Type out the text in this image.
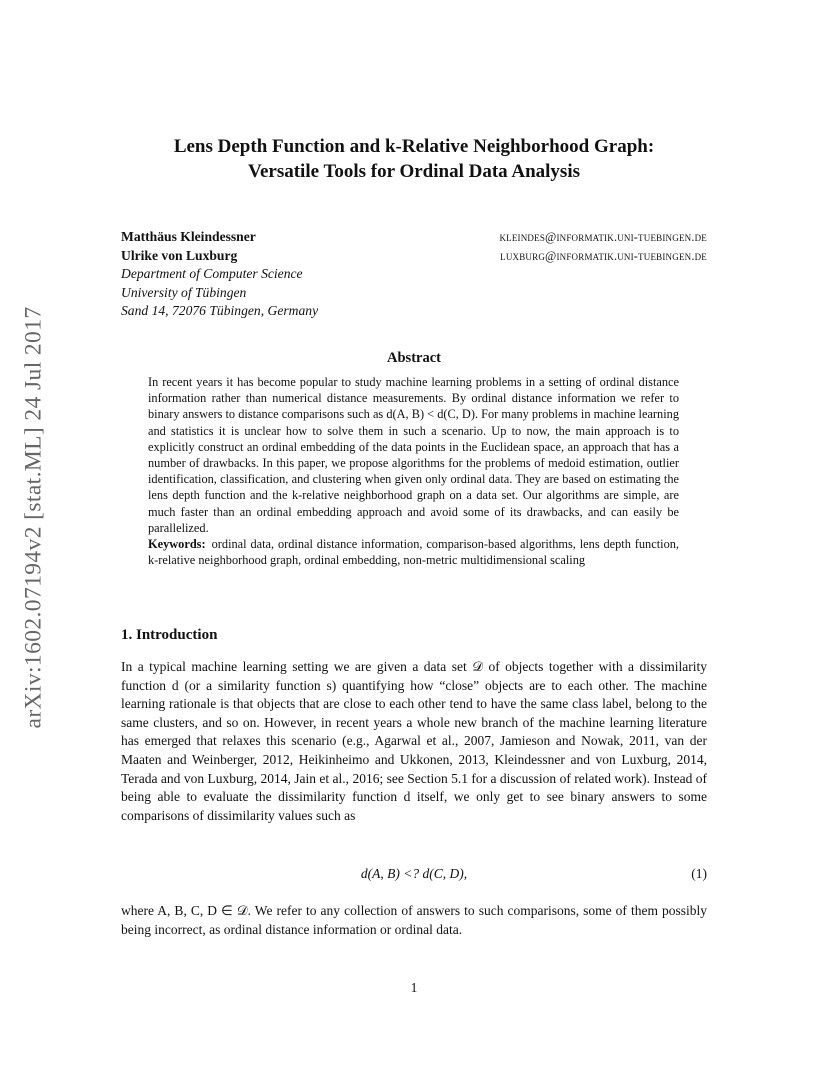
arXiv:1602.07194v2 [stat.ML] 24 Jul 2017
Lens Depth Function and k-Relative Neighborhood Graph:
Versatile Tools for Ordinal Data Analysis
Matthäus Kleindessner	kleindes@informatik.uni-tuebingen.de
Ulrike von Luxburg	luxburg@informatik.uni-tuebingen.de
Department of Computer Science
University of Tübingen
Sand 14, 72076 Tübingen, Germany
Abstract

In recent years it has become popular to study machine learning problems in a setting of ordinal distance information rather than numerical distance measurements. By ordinal distance information we refer to binary answers to distance comparisons such as d(A, B) < d(C, D). For many problems in machine learning and statistics it is unclear how to solve them in such a scenario. Up to now, the main approach is to explicitly construct an ordinal embedding of the data points in the Euclidean space, an approach that has a number of drawbacks. In this paper, we propose algorithms for the problems of medoid estimation, outlier identification, classification, and clustering when given only ordinal data. They are based on estimating the lens depth function and the k-relative neighborhood graph on a data set. Our algorithms are simple, are much faster than an ordinal embedding approach and avoid some of its drawbacks, and can easily be parallelized.

Keywords: ordinal data, ordinal distance information, comparison-based algorithms, lens depth function, k-relative neighborhood graph, ordinal embedding, non-metric multidimensional scaling

1. Introduction

In a typical machine learning setting we are given a data set 𝒟 of objects together with a dissimilarity function d (or a similarity function s) quantifying how “close” objects are to each other. The machine learning rationale is that objects that are close to each other tend to have the same class label, belong to the same clusters, and so on. However, in recent years a whole new branch of the machine learning literature has emerged that relaxes this scenario (e.g., Agarwal et al., 2007, Jamieson and Nowak, 2011, van der Maaten and Weinberger, 2012, Heikinheimo and Ukkonen, 2013, Kleindessner and von Luxburg, 2014, Terada and von Luxburg, 2014, Jain et al., 2016; see Section 5.1 for a discussion of related work). Instead of being able to evaluate the dissimilarity function d itself, we only get to see binary answers to some comparisons of dissimilarity values such as

d(A, B) <? d(C, D),	(1)

where A, B, C, D ∈ 𝒟. We refer to any collection of answers to such comparisons, some of them possibly being incorrect, as ordinal distance information or ordinal data.

1
